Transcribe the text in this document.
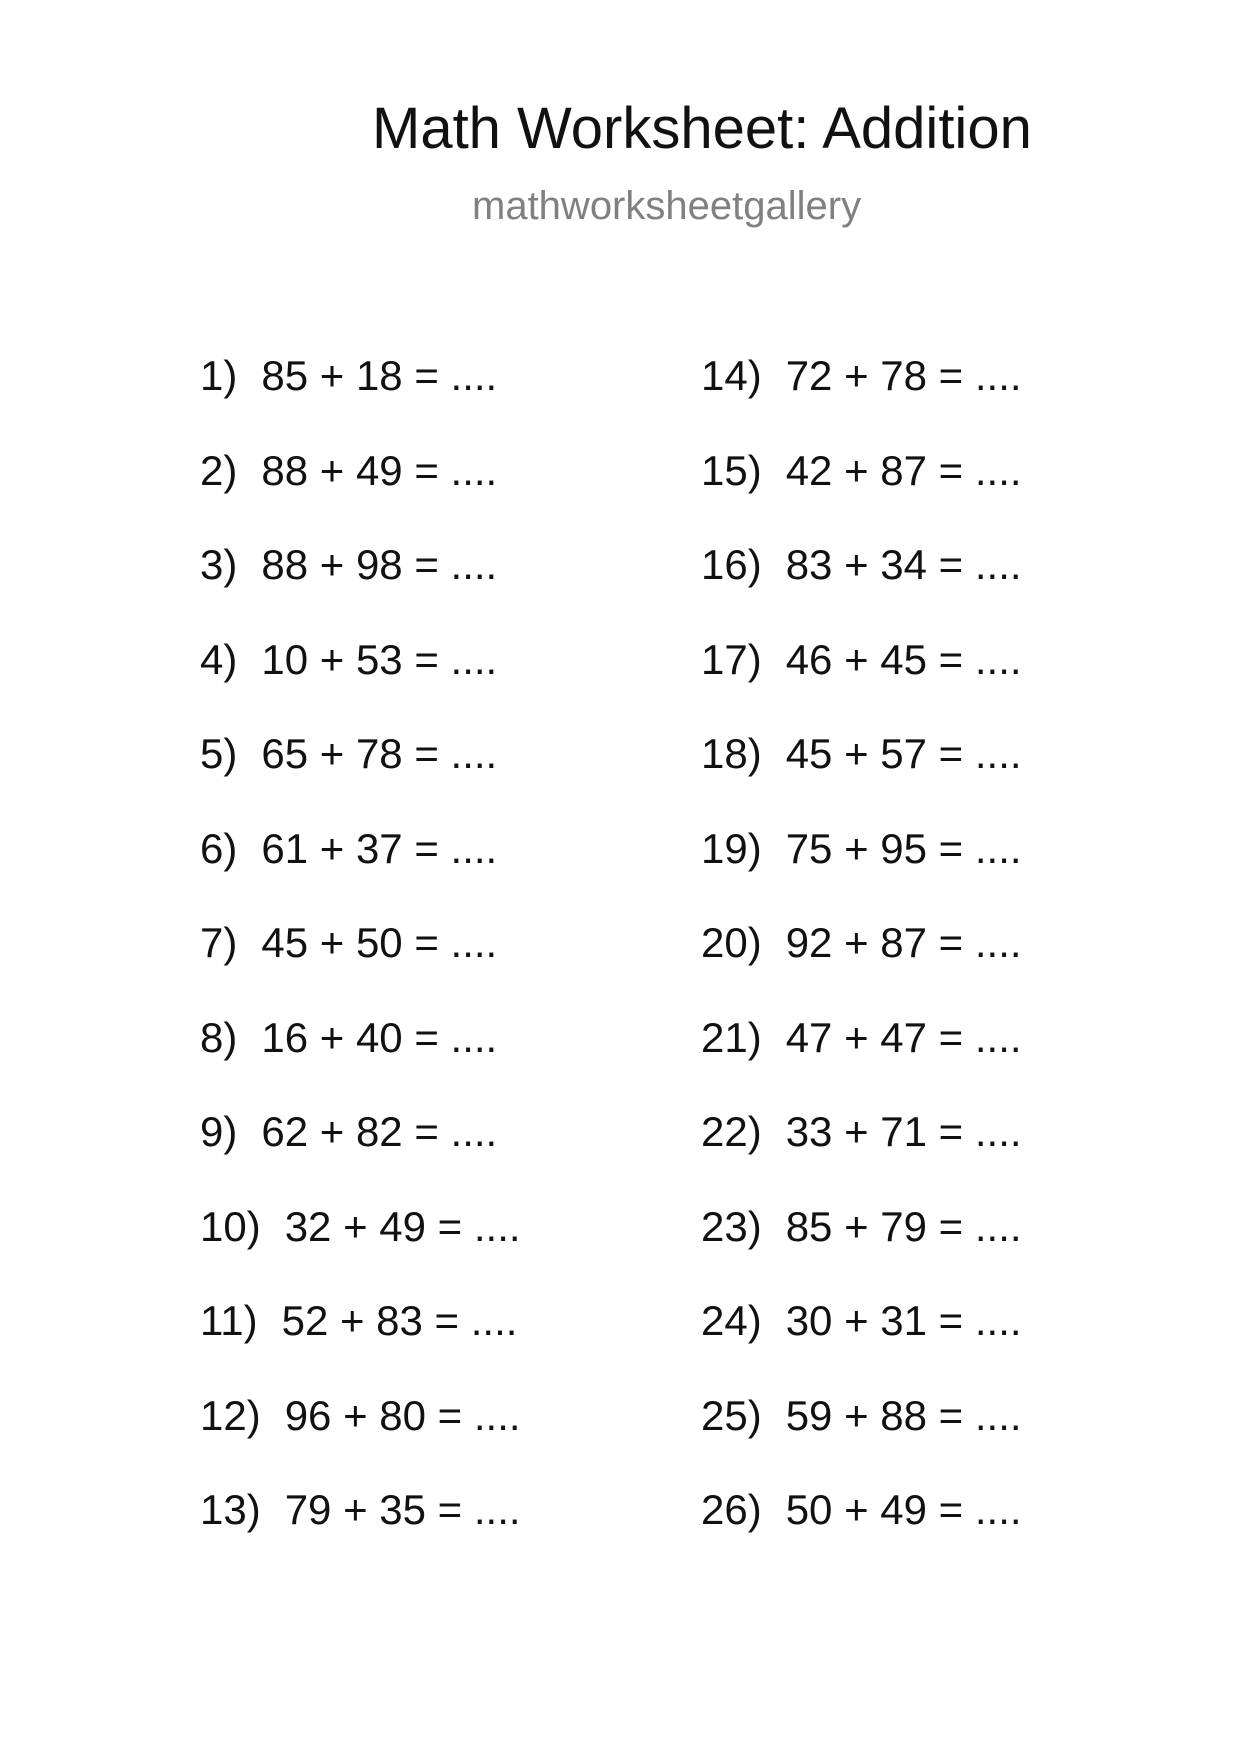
Math Worksheet: Addition
mathworksheetgallery
1) 85 + 18 = ....
2) 88 + 49 = ....
3) 88 + 98 = ....
4) 10 + 53 = ....
5) 65 + 78 = ....
6) 61 + 37 = ....
7) 45 + 50 = ....
8) 16 + 40 = ....
9) 62 + 82 = ....
10) 32 + 49 = ....
11) 52 + 83 = ....
12) 96 + 80 = ....
13) 79 + 35 = ....
14) 72 + 78 = ....
15) 42 + 87 = ....
16) 83 + 34 = ....
17) 46 + 45 = ....
18) 45 + 57 = ....
19) 75 + 95 = ....
20) 92 + 87 = ....
21) 47 + 47 = ....
22) 33 + 71 = ....
23) 85 + 79 = ....
24) 30 + 31 = ....
25) 59 + 88 = ....
26) 50 + 49 = ....
